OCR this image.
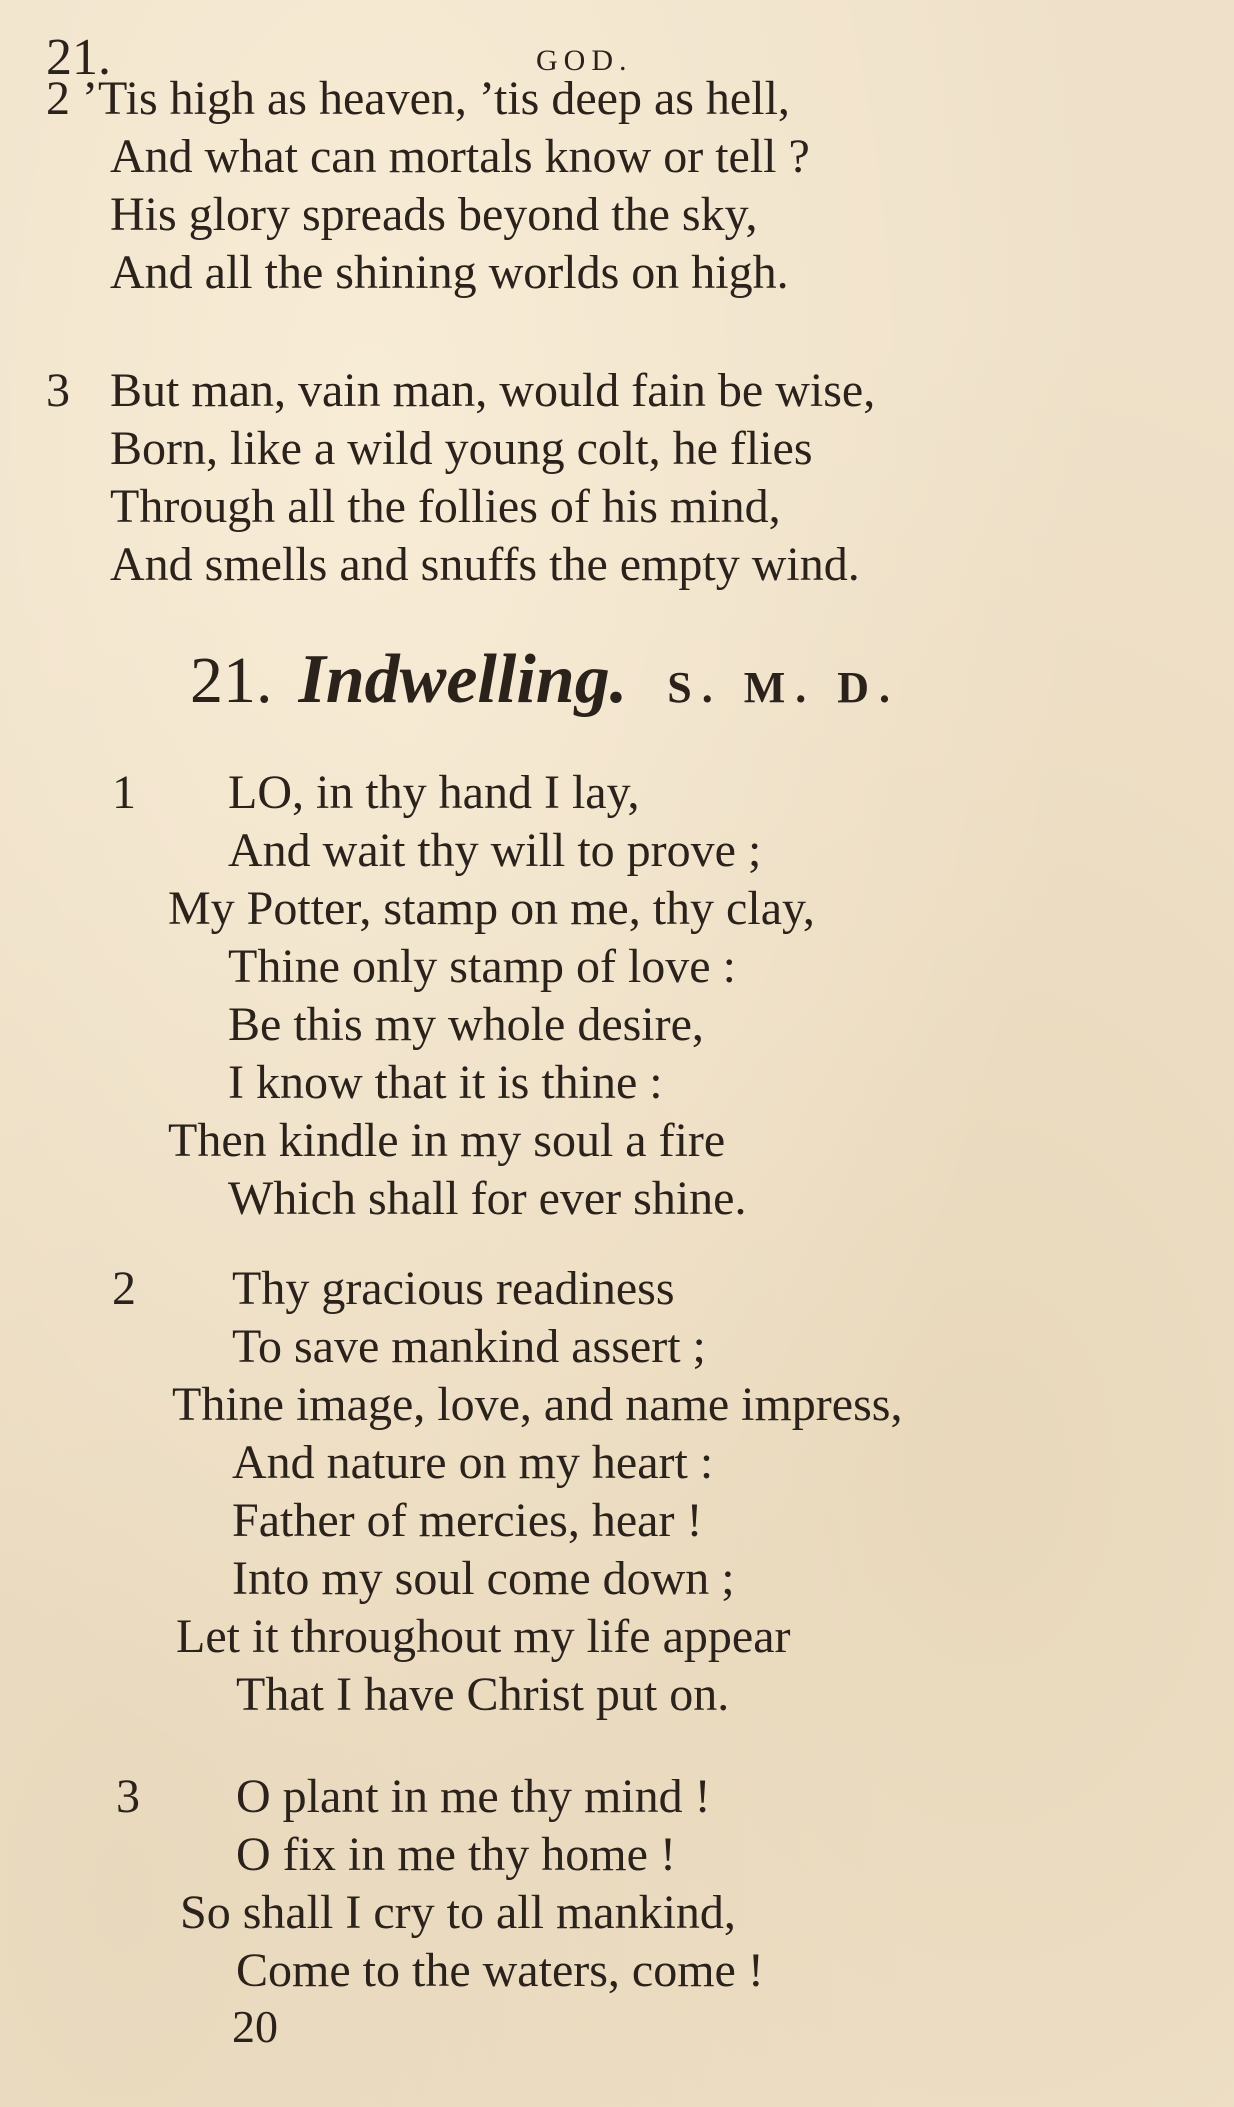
21.	GOD.
2 ’Tis high as heaven, ’tis deep as hell,
And what can mortals know or tell ?
His glory spreads beyond the sky,
And all the shining worlds on high.
3 But man, vain man, would fain be wise,
Born, like a wild young colt, he flies
Through all the follies of his mind,
And smells and snuffs the empty wind.
21. Indwelling. S. M. D.
1 LO, in thy hand I lay,
And wait thy will to prove ;
My Potter, stamp on me, thy clay,
Thine only stamp of love :
Be this my whole desire,
I know that it is thine :
Then kindle in my soul a fire
Which shall for ever shine.
2 Thy gracious readiness
To save mankind assert ;
Thine image, love, and name impress,
And nature on my heart :
Father of mercies, hear !
Into my soul come down ;
Let it throughout my life appear
That I have Christ put on.
3 O plant in me thy mind !
O fix in me thy home !
So shall I cry to all mankind,
Come to the waters, come !
20
